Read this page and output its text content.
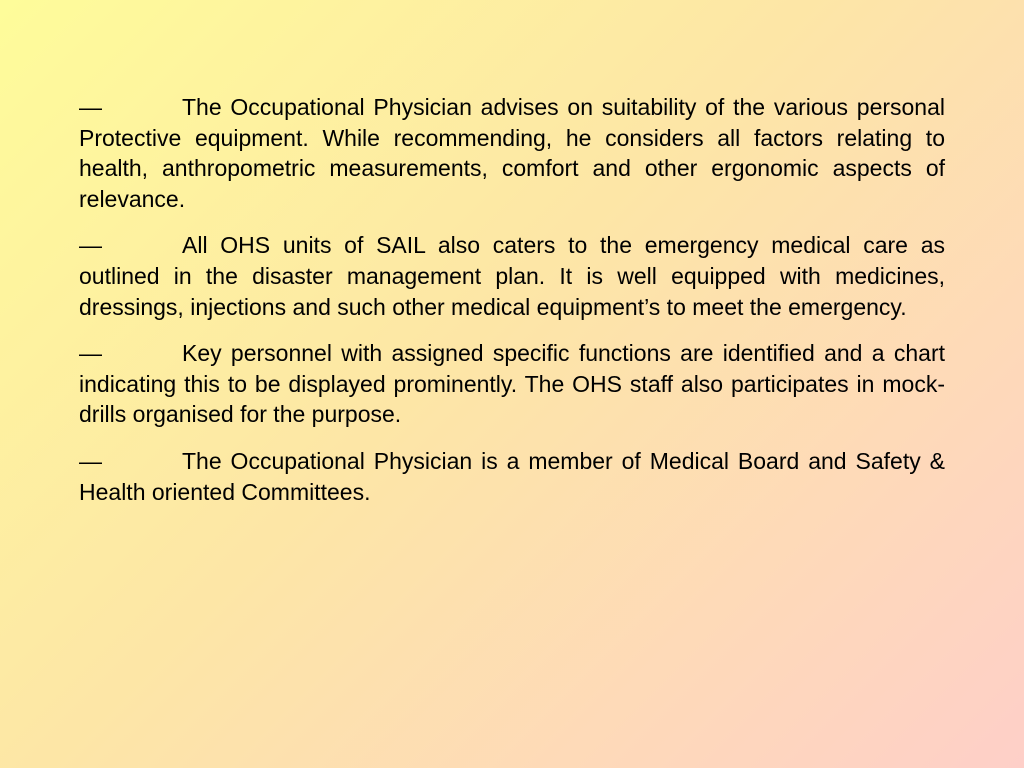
—	The Occupational Physician advises on suitability of the various personal Protective equipment. While recommending, he considers all factors relating to health, anthropometric measurements, comfort and other ergonomic aspects of relevance.

—	All OHS units of SAIL also caters to the emergency medical care as outlined in the disaster management plan. It is well equipped with medicines, dressings, injections and such other medical equipment’s to meet the emergency.

—	Key personnel with assigned specific functions are identified and a chart indicating this to be displayed prominently. The OHS staff also participates in mock-drills organised for the purpose.

—	The Occupational Physician is a member of Medical Board and Safety & Health oriented Committees.
